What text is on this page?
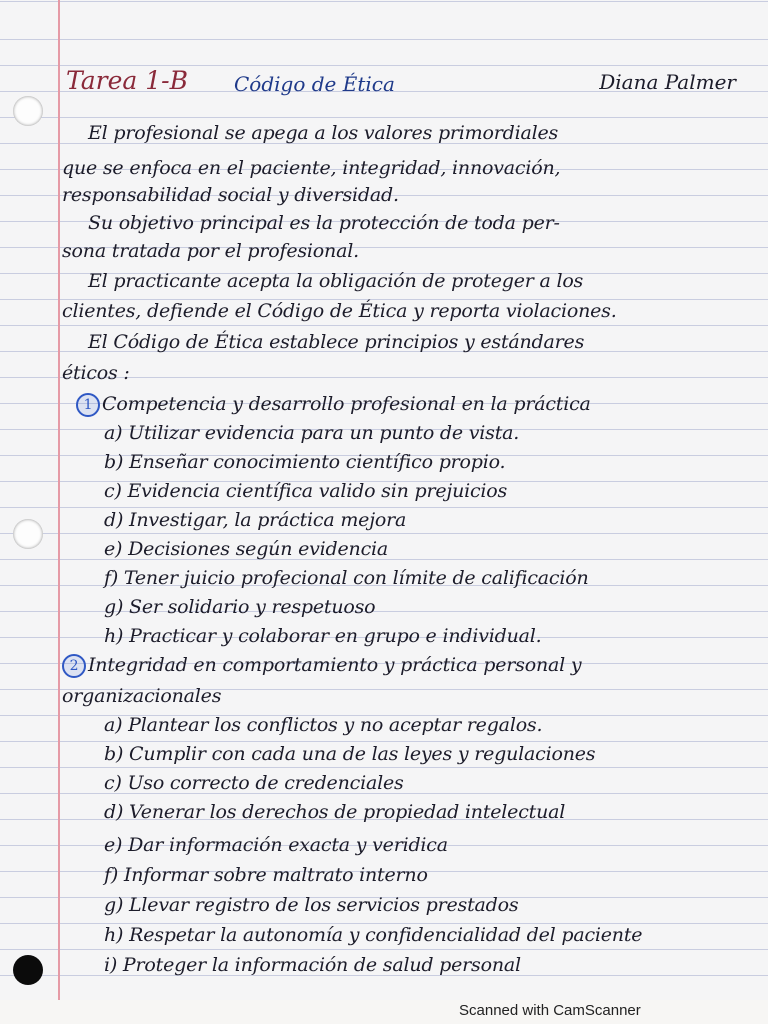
Tarea 1-B Código de Ética	Diana Palmer
El profesional se apega a los valores primordiales
que se enfoca en el paciente, integridad, innovación,
responsabilidad social y diversidad.
Su objetivo principal es la protección de toda per-
sona tratada por el profesional.
El practicante acepta la obligación de proteger a los
clientes, defiende el Código de Ética y reporta violaciones.
El Código de Ética establece principios y estándares
éticos :
1 Competencia y desarrollo profesional en la práctica
a) Utilizar evidencia para un punto de vista.
b) Enseñar conocimiento científico propio.
c) Evidencia científica valido sin prejuicios
d) Investigar, la práctica mejora
e) Decisiones según evidencia
f) Tener juicio profecional con límite de calificación
g) Ser solidario y respetuoso
h) Practicar y colaborar en grupo e individual.
2 Integridad en comportamiento y práctica personal y
organizacionales
a) Plantear los conflictos y no aceptar regalos.
b) Cumplir con cada una de las leyes y regulaciones
c) Uso correcto de credenciales
d) Venerar los derechos de propiedad intelectual
e) Dar información exacta y veridica
f) Informar sobre maltrato interno
g) Llevar registro de los servicios prestados
h) Respetar la autonomía y confidencialidad del paciente
i) Proteger la información de salud personal
Scanned with CamScanner
